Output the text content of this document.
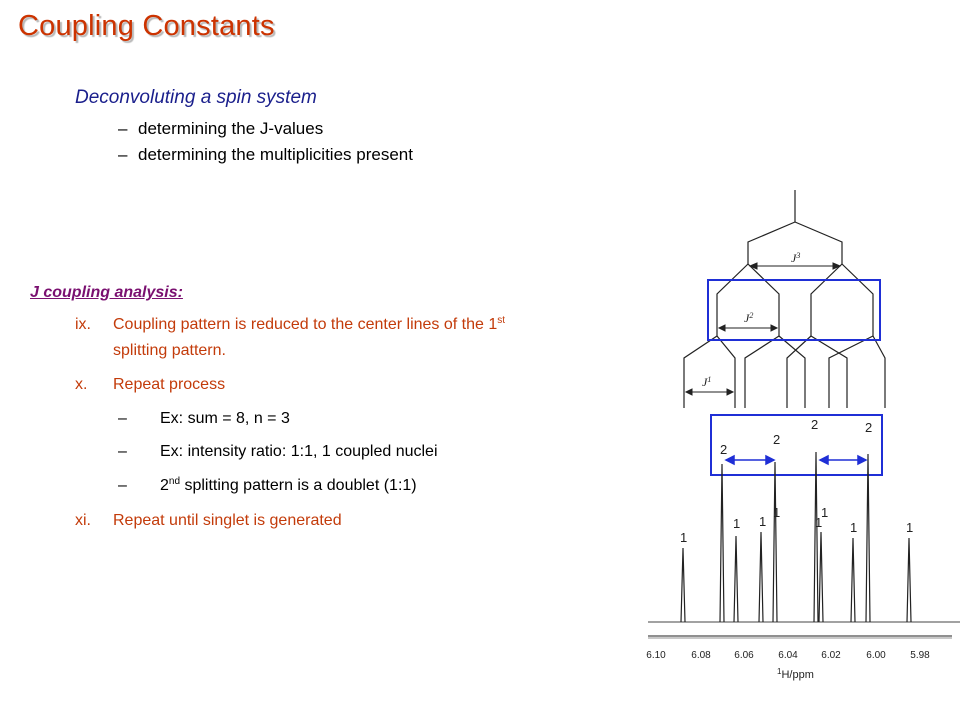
Coupling Constants
Deconvoluting a spin system
– determining the J-values
– determining the multiplicities present
J coupling analysis:
ix. Coupling pattern is reduced to the center lines of the 1st
splitting pattern.
x. Repeat process
– Ex: sum = 8, n = 3
– Ex: intensity ratio: 1:1, 1 coupled nuclei
– 2nd splitting pattern is a doublet (1:1)
xi. Repeat until singlet is generated
$J^3$
$J^2$
$J^1$
2
2
2	2
1
1 1
1
1
1
1	1
6.10	6.08 6.06 6.04 6.02	6.00 5.98
$^1$H/ppm
